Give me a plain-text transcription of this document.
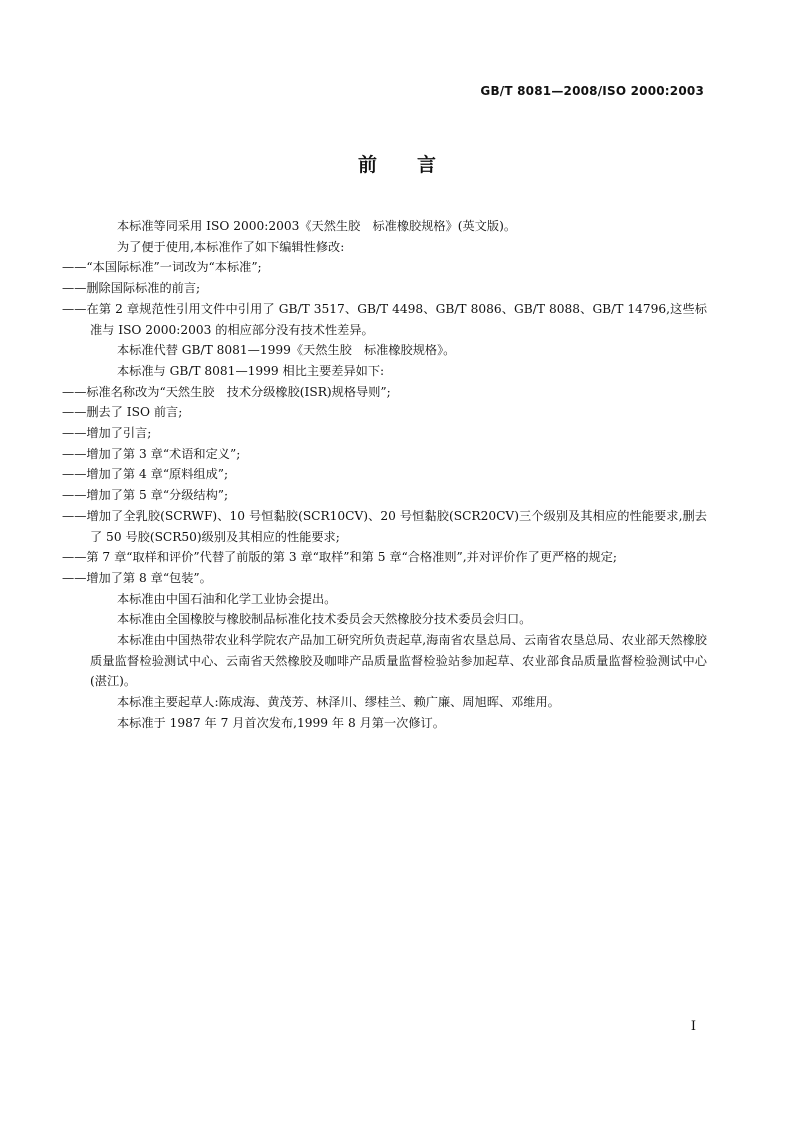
GB/T 8081—2008/ISO 2000:2003
前言
本标准等同采用 ISO 2000:2003《天然生胶　标准橡胶规格》(英文版)。
为了便于使用,本标准作了如下编辑性修改:
——“本国际标准”一词改为“本标准”;
——删除国际标准的前言;
——在第 2 章规范性引用文件中引用了 GB/T 3517、GB/T 4498、GB/T 8086、GB/T 8088、GB/T 14796,这些标准与 ISO 2000:2003 的相应部分没有技术性差异。
本标准代替 GB/T 8081—1999《天然生胶　标准橡胶规格》。
本标准与 GB/T 8081—1999 相比主要差异如下:
——标准名称改为“天然生胶　技术分级橡胶(ISR)规格导则”;
——删去了 ISO 前言;
——增加了引言;
——增加了第 3 章“术语和定义”;
——增加了第 4 章“原料组成”;
——增加了第 5 章“分级结构”;
——增加了全乳胶(SCRWF)、10 号恒黏胶(SCR10CV)、20 号恒黏胶(SCR20CV)三个级别及其相应的性能要求,删去了 50 号胶(SCR50)级别及其相应的性能要求;
——第 7 章“取样和评价”代替了前版的第 3 章“取样”和第 5 章“合格准则”,并对评价作了更严格的规定;
——增加了第 8 章“包装”。
本标准由中国石油和化学工业协会提出。
本标准由全国橡胶与橡胶制品标准化技术委员会天然橡胶分技术委员会归口。
本标准由中国热带农业科学院农产品加工研究所负责起草,海南省农垦总局、云南省农垦总局、农业部天然橡胶质量监督检验测试中心、云南省天然橡胶及咖啡产品质量监督检验站参加起草、农业部食品质量监督检验测试中心(湛江)。
本标准主要起草人:陈成海、黄茂芳、林泽川、缪桂兰、赖广廉、周旭晖、邓维用。
本标准于 1987 年 7 月首次发布,1999 年 8 月第一次修订。
I
